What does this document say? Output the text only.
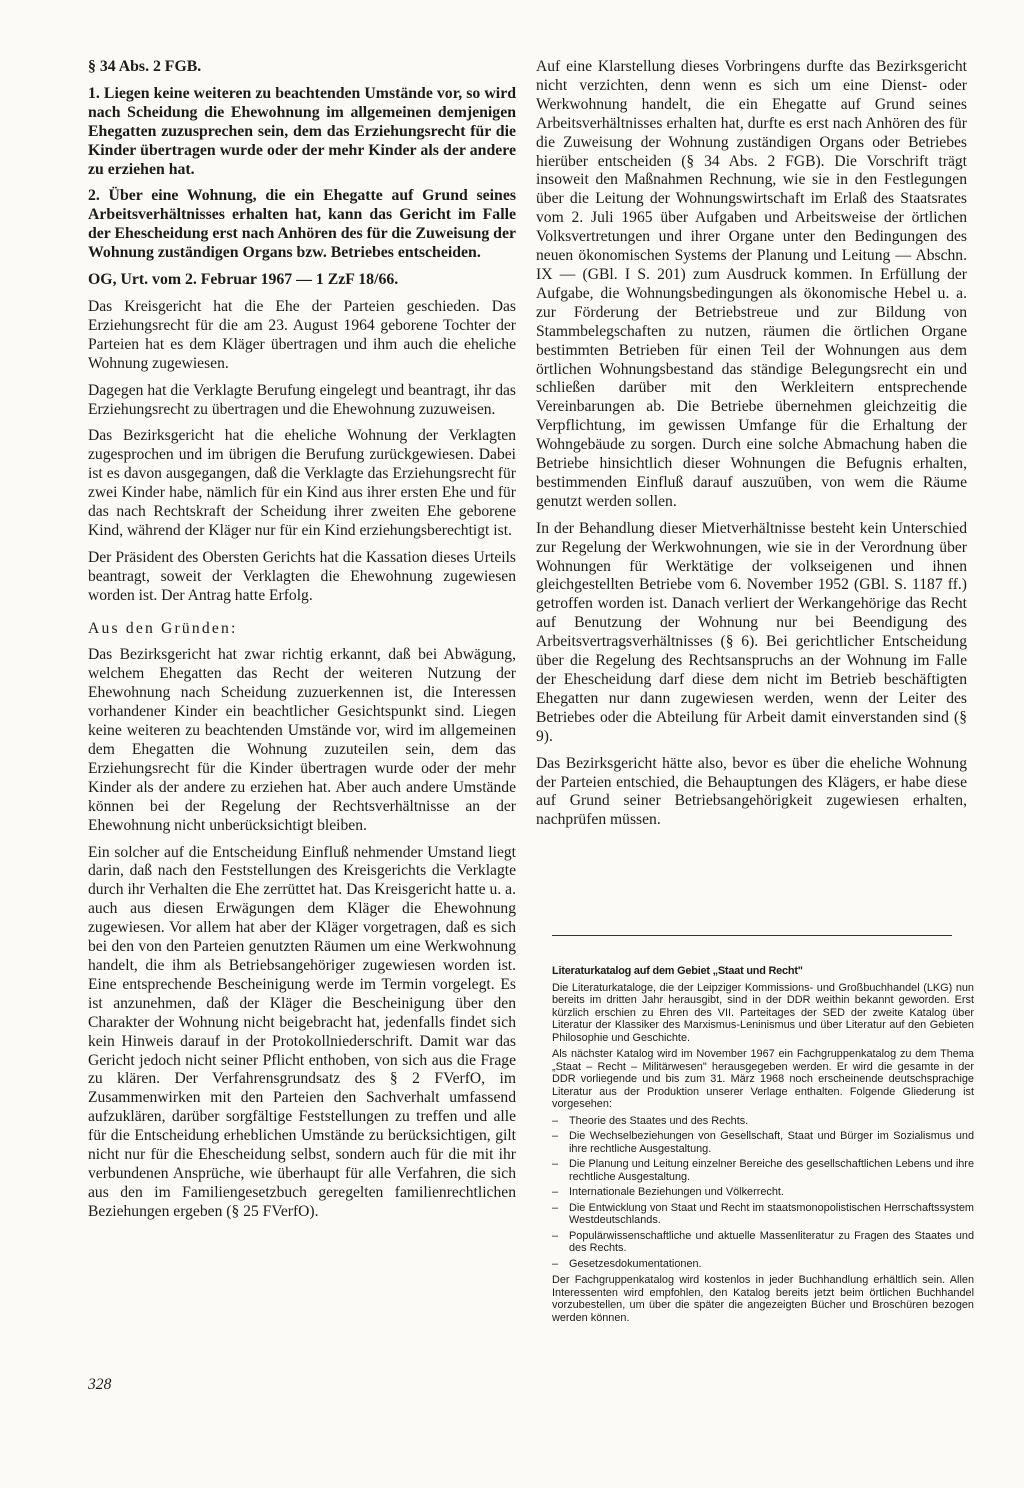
§ 34 Abs. 2 FGB.

1. Liegen keine weiteren zu beachtenden Umstände vor, so wird nach Scheidung die Ehewohnung im allgemeinen demjenigen Ehegatten zuzusprechen sein, dem das Erziehungsrecht für die Kinder übertragen wurde oder der mehr Kinder als der andere zu erziehen hat.

2. Über eine Wohnung, die ein Ehegatte auf Grund seines Arbeitsverhältnisses erhalten hat, kann das Gericht im Falle der Ehescheidung erst nach Anhören des für die Zuweisung der Wohnung zuständigen Organs bzw. Betriebes entscheiden.

OG, Urt. vom 2. Februar 1967 — 1 ZzF 18/66.

Das Kreisgericht hat die Ehe der Parteien geschieden. Das Erziehungsrecht für die am 23. August 1964 geborene Tochter der Parteien hat es dem Kläger übertragen und ihm auch die eheliche Wohnung zugewiesen.

Dagegen hat die Verklagte Berufung eingelegt und beantragt, ihr das Erziehungsrecht zu übertragen und die Ehewohnung zuzuweisen.

Das Bezirksgericht hat die eheliche Wohnung der Verklagten zugesprochen und im übrigen die Berufung zurückgewiesen. Dabei ist es davon ausgegangen, daß die Verklagte das Erziehungsrecht für zwei Kinder habe, nämlich für ein Kind aus ihrer ersten Ehe und für das nach Rechtskraft der Scheidung ihrer zweiten Ehe geborene Kind, während der Kläger nur für ein Kind erziehungsberechtigt ist.

Der Präsident des Obersten Gerichts hat die Kassation dieses Urteils beantragt, soweit der Verklagten die Ehewohnung zugewiesen worden ist. Der Antrag hatte Erfolg.

Aus den Gründen:

Das Bezirksgericht hat zwar richtig erkannt, daß bei Abwägung, welchem Ehegatten das Recht der weiteren Nutzung der Ehewohnung nach Scheidung zuzuerkennen ist, die Interessen vorhandener Kinder ein beachtlicher Gesichtspunkt sind. Liegen keine weiteren zu beachtenden Umstände vor, wird im allgemeinen dem Ehegatten die Wohnung zuzuteilen sein, dem das Erziehungsrecht für die Kinder übertragen wurde oder der mehr Kinder als der andere zu erziehen hat. Aber auch andere Umstände können bei der Regelung der Rechtsverhältnisse an der Ehewohnung nicht unberücksichtigt bleiben.

Ein solcher auf die Entscheidung Einfluß nehmender Umstand liegt darin, daß nach den Feststellungen des Kreisgerichts die Verklagte durch ihr Verhalten die Ehe zerrüttet hat. Das Kreisgericht hatte u. a. auch aus diesen Erwägungen dem Kläger die Ehewohnung zugewiesen. Vor allem hat aber der Kläger vorgetragen, daß es sich bei den von den Parteien genutzten Räumen um eine Werkwohnung handelt, die ihm als Betriebsangehöriger zugewiesen worden ist. Eine entsprechende Bescheinigung werde im Termin vorgelegt. Es ist anzunehmen, daß der Kläger die Bescheinigung über den Charakter der Wohnung nicht beigebracht hat, jedenfalls findet sich kein Hinweis darauf in der Protokollniederschrift. Damit war das Gericht jedoch nicht seiner Pflicht enthoben, von sich aus die Frage zu klären. Der Verfahrensgrundsatz des § 2 FVerfO, im Zusammenwirken mit den Parteien den Sachverhalt umfassend aufzuklären, darüber sorgfältige Feststellungen zu treffen und alle für die Entscheidung erheblichen Umstände zu berücksichtigen, gilt nicht nur für die Ehescheidung selbst, sondern auch für die mit ihr verbundenen Ansprüche, wie überhaupt für alle Verfahren, die sich aus den im Familiengesetzbuch geregelten familienrechtlichen Beziehungen ergeben (§ 25 FVerfO).

Auf eine Klarstellung dieses Vorbringens durfte das Bezirksgericht nicht verzichten, denn wenn es sich um eine Dienst- oder Werkwohnung handelt, die ein Ehegatte auf Grund seines Arbeitsverhältnisses erhalten hat, durfte es erst nach Anhören des für die Zuweisung der Wohnung zuständigen Organs oder Betriebes hierüber entscheiden (§ 34 Abs. 2 FGB). Die Vorschrift trägt insoweit den Maßnahmen Rechnung, wie sie in den Festlegungen über die Leitung der Wohnungswirtschaft im Erlaß des Staatsrates vom 2. Juli 1965 über Aufgaben und Arbeitsweise der örtlichen Volksvertretungen und ihrer Organe unter den Bedingungen des neuen ökonomischen Systems der Planung und Leitung — Abschn. IX — (GBl. I S. 201) zum Ausdruck kommen. In Erfüllung der Aufgabe, die Wohnungsbedingungen als ökonomische Hebel u. a. zur Förderung der Betriebstreue und zur Bildung von Stammbelegschaften zu nutzen, räumen die örtlichen Organe bestimmten Betrieben für einen Teil der Wohnungen aus dem örtlichen Wohnungsbestand das ständige Belegungsrecht ein und schließen darüber mit den Werkleitern entsprechende Vereinbarungen ab. Die Betriebe übernehmen gleichzeitig die Verpflichtung, im gewissen Umfange für die Erhaltung der Wohngebäude zu sorgen. Durch eine solche Abmachung haben die Betriebe hinsichtlich dieser Wohnungen die Befugnis erhalten, bestimmenden Einfluß darauf auszuüben, von wem die Räume genutzt werden sollen.

In der Behandlung dieser Mietverhältnisse besteht kein Unterschied zur Regelung der Werkwohnungen, wie sie in der Verordnung über Wohnungen für Werktätige der volkseigenen und ihnen gleichgestellten Betriebe vom 6. November 1952 (GBl. S. 1187 ff.) getroffen worden ist. Danach verliert der Werkangehörige das Recht auf Benutzung der Wohnung nur bei Beendigung des Arbeitsvertragsverhältnisses (§ 6). Bei gerichtlicher Entscheidung über die Regelung des Rechtsanspruchs an der Wohnung im Falle der Ehescheidung darf diese dem nicht im Betrieb beschäftigten Ehegatten nur dann zugewiesen werden, wenn der Leiter des Betriebes oder die Abteilung für Arbeit damit einverstanden sind (§ 9).

Das Bezirksgericht hätte also, bevor es über die eheliche Wohnung der Parteien entschied, die Behauptungen des Klägers, er habe diese auf Grund seiner Betriebsangehörigkeit zugewiesen erhalten, nachprüfen müssen.

Literaturkatalog auf dem Gebiet „Staat und Recht"

Die Literaturkataloge, die der Leipziger Kommissions- und Großbuchhandel (LKG) nun bereits im dritten Jahr herausgibt, sind in der DDR weithin bekannt geworden. Erst kürzlich erschien zu Ehren des VII. Parteitages der SED der zweite Katalog über Literatur der Klassiker des Marxismus-Leninismus und über Literatur auf den Gebieten Philosophie und Geschichte.

Als nächster Katalog wird im November 1967 ein Fachgruppenkatalog zu dem Thema „Staat – Recht – Militärwesen" herausgegeben werden. Er wird die gesamte in der DDR vorliegende und bis zum 31. März 1968 noch erscheinende deutschsprachige Literatur aus der Produktion unserer Verlage enthalten. Folgende Gliederung ist vorgesehen:

– Theorie des Staates und des Rechts.
– Die Wechselbeziehungen von Gesellschaft, Staat und Bürger im Sozialismus und ihre rechtliche Ausgestaltung.
– Die Planung und Leitung einzelner Bereiche des gesellschaftlichen Lebens und ihre rechtliche Ausgestaltung.
– Internationale Beziehungen und Völkerrecht.
– Die Entwicklung von Staat und Recht im staatsmonopolistischen Herrschaftssystem Westdeutschlands.
– Populärwissenschaftliche und aktuelle Massenliteratur zu Fragen des Staates und des Rechts.
– Gesetzesdokumentationen.

Der Fachgruppenkatalog wird kostenlos in jeder Buchhandlung erhältlich sein. Allen Interessenten wird empfohlen, den Katalog bereits jetzt beim örtlichen Buchhandel vorzubestellen, um über die später die angezeigten Bücher und Broschüren bezogen werden können.

328
